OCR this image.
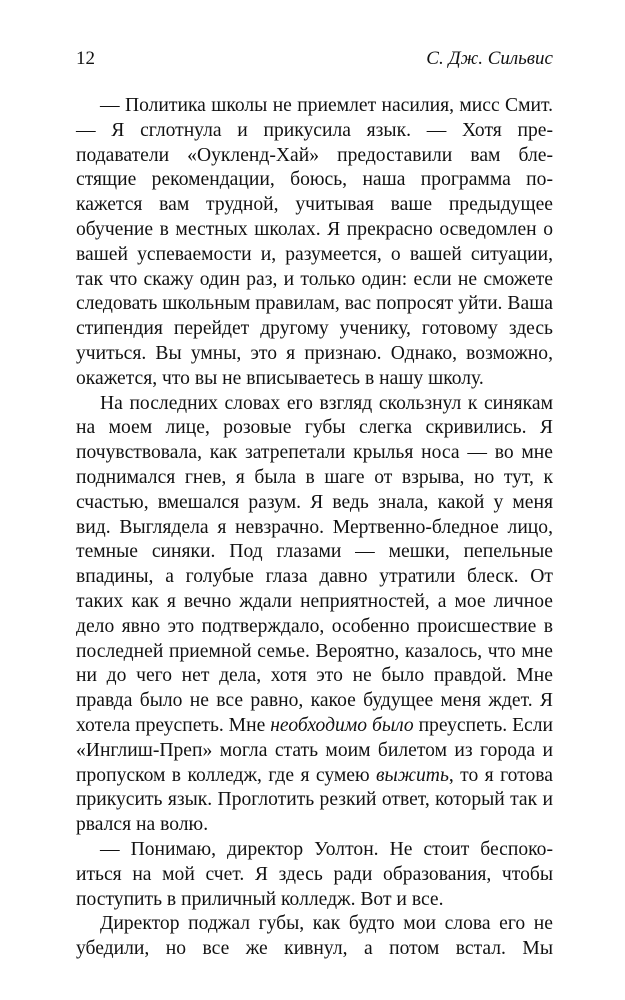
12	С. Дж. Сильвис

— Политика школы не приемлет насилия, мисс Смит. — Я сглотнула и прикусила язык. — Хотя преподаватели «Оукленд-Хай» предоставили вам блестящие рекомендации, боюсь, наша программа покажется вам трудной, учитывая ваше предыдущее обучение в местных школах. Я прекрасно осведомлен о вашей успеваемости и, разумеется, о вашей ситуации, так что скажу один раз, и только один: если не сможете следовать школьным правилам, вас попросят уйти. Ваша стипендия перейдет другому ученику, готовому здесь учиться. Вы умны, это я признаю. Однако, возможно, окажется, что вы не вписываетесь в нашу школу.

На последних словах его взгляд скользнул к синякам на моем лице, розовые губы слегка скривились. Я почувствовала, как затрепетали крылья носа — во мне поднимался гнев, я была в шаге от взрыва, но тут, к счастью, вмешался разум. Я ведь знала, какой у меня вид. Выглядела я невзрачно. Мертвенно-бледное лицо, темные синяки. Под глазами — мешки, пепельные впадины, а голубые глаза давно утратили блеск. От таких как я вечно ждали неприятностей, а мое личное дело явно это подтверждало, особенно происшествие в последней приемной семье. Вероятно, казалось, что мне ни до чего нет дела, хотя это не было правдой. Мне правда было не все равно, какое будущее меня ждет. Я хотела преуспеть. Мне необходимо было преуспеть. Если «Инглиш-Преп» могла стать моим билетом из города и пропуском в колледж, где я сумею выжить, то я готова прикусить язык. Проглотить резкий ответ, который так и рвался на волю.

— Понимаю, директор Уолтон. Не стоит беспокоиться на мой счет. Я здесь ради образования, чтобы поступить в приличный колледж. Вот и все.

Директор поджал губы, как будто мои слова его не убедили, но все же кивнул, а потом встал. Мы
